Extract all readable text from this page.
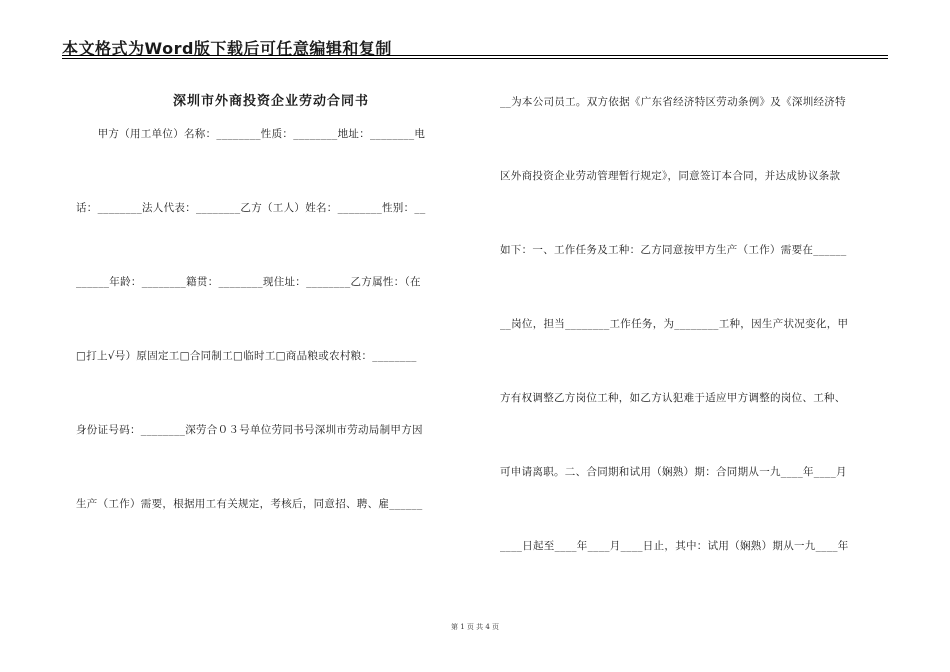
本文格式为Word版下载后可任意编辑和复制
深圳市外商投资企业劳动合同书
　　甲方（用工单位）名称：________性质：________地址：________电
话：________法人代表：________乙方（工人）姓名：________性别：__
______年龄：________籍贯：________现住址：________乙方属性：（在
□打上√号）原固定工□合同制工□临时工□商品粮或农村粮：________
身份证号码：________深劳合０３号单位劳同书号深圳市劳动局制甲方因
生产（工作）需要，根据用工有关规定，考核后，同意招、聘、雇______
__为本公司员工。双方依据《广东省经济特区劳动条例》及《深圳经济特
区外商投资企业劳动管理暂行规定》，同意签订本合同，并达成协议条款
如下：一、工作任务及工种：乙方同意按甲方生产（工作）需要在______
__岗位，担当________工作任务，为________工种，因生产状况变化，甲
方有权调整乙方岗位工种，如乙方认犯难于适应甲方调整的岗位、工种、
可申请离职。二、合同期和试用（娴熟）期：合同期从一九____年____月
____日起至____年____月____日止，其中：试用（娴熟）期从一九____年
第 1 页 共 4 页
